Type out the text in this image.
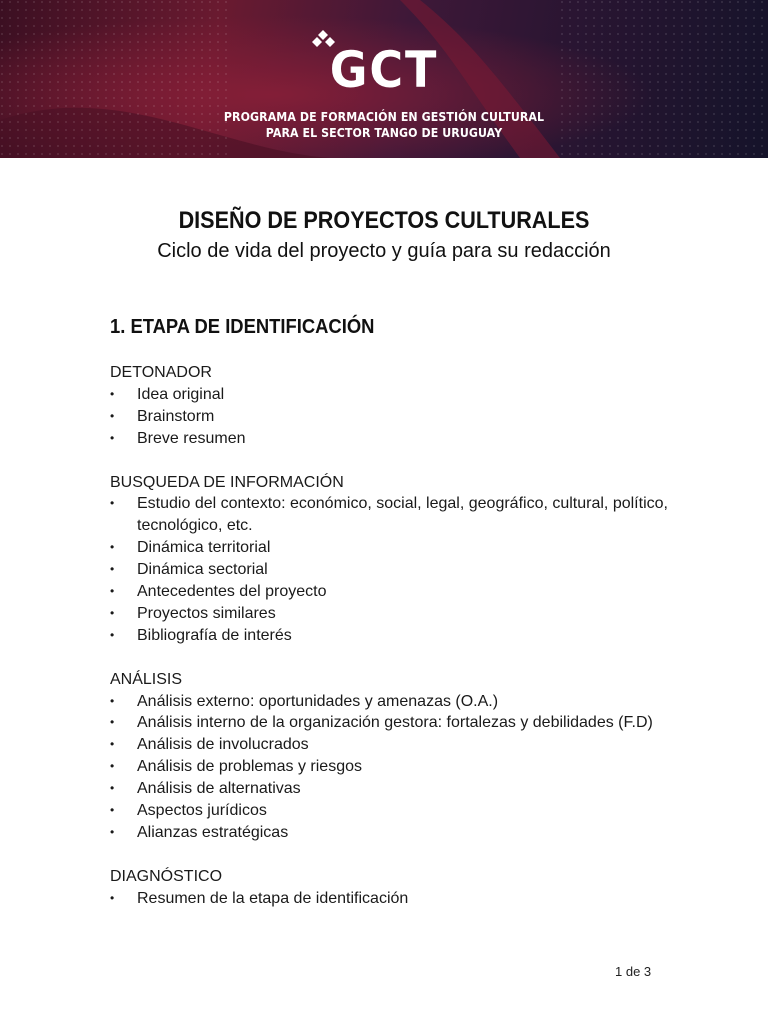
GCT
PROGRAMA DE FORMACIÓN EN GESTIÓN CULTURAL
PARA EL SECTOR TANGO DE URUGUAY
DISEÑO DE PROYECTOS CULTURALES
Ciclo de vida del proyecto y guía para su redacción
1. ETAPA DE IDENTIFICACIÓN
DETONADOR
• Idea original
• Brainstorm
• Breve resumen
BUSQUEDA DE INFORMACIÓN
• Estudio del contexto: económico, social, legal, geográfico, cultural, político, tecnológico, etc.
• Dinámica territorial
• Dinámica sectorial
• Antecedentes del proyecto
• Proyectos similares
• Bibliografía de interés
ANÁLISIS
• Análisis externo: oportunidades y amenazas (O.A.)
• Análisis interno de la organización gestora: fortalezas y debilidades (F.D)
• Análisis de involucrados
• Análisis de problemas y riesgos
• Análisis de alternativas
• Aspectos jurídicos
• Alianzas estratégicas
DIAGNÓSTICO
• Resumen de la etapa de identificación
1 de 3
